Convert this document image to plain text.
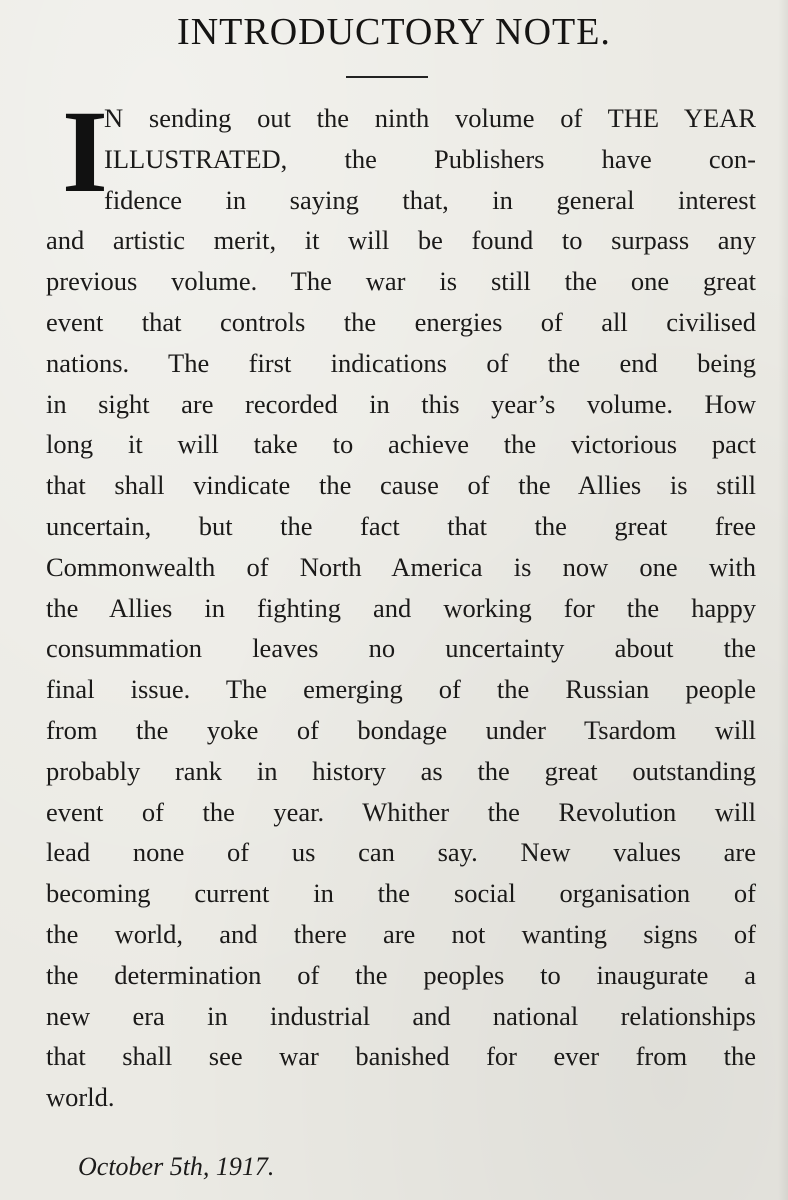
INTRODUCTORY NOTE.
I
N sending out the ninth volume of THE YEAR
ILLUSTRATED, the Publishers have con-
fidence in saying that, in general interest
and artistic merit, it will be found to surpass any
previous volume. The war is still the one great
event that controls the energies of all civilised
nations. The first indications of the end being
in sight are recorded in this year’s volume. How
long it will take to achieve the victorious pact
that shall vindicate the cause of the Allies is still
uncertain, but the fact that the great free
Commonwealth of North America is now one with
the Allies in fighting and working for the happy
consummation leaves no uncertainty about the
final issue. The emerging of the Russian people
from the yoke of bondage under Tsardom will
probably rank in history as the great outstanding
event of the year. Whither the Revolution will
lead none of us can say. New values are
becoming current in the social organisation of
the world, and there are not wanting signs of
the determination of the peoples to inaugurate a
new era in industrial and national relationships
that shall see war banished for ever from the
world.
October 5th, 1917.
